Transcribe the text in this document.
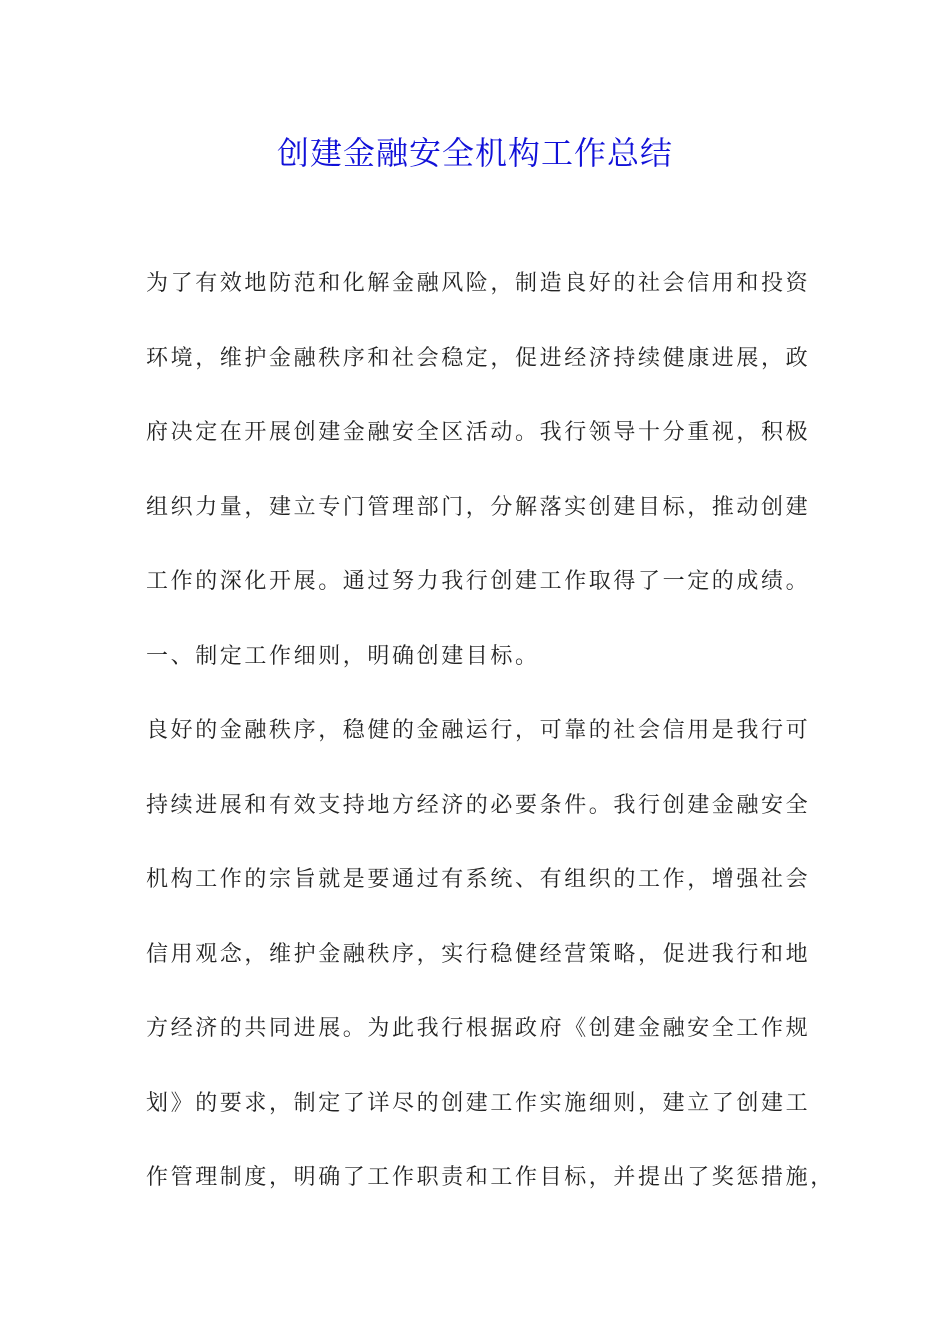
创建金融安全机构工作总结
为了有效地防范和化解金融风险，制造良好的社会信用和投资
环境，维护金融秩序和社会稳定，促进经济持续健康进展，政
府决定在开展创建金融安全区活动。我行领导十分重视，积极
组织力量，建立专门管理部门，分解落实创建目标，推动创建
工作的深化开展。通过努力我行创建工作取得了一定的成绩。
一、制定工作细则，明确创建目标。
良好的金融秩序，稳健的金融运行，可靠的社会信用是我行可
持续进展和有效支持地方经济的必要条件。我行创建金融安全
机构工作的宗旨就是要通过有系统、有组织的工作，增强社会
信用观念，维护金融秩序，实行稳健经营策略，促进我行和地
方经济的共同进展。为此我行根据政府《创建金融安全工作规
划》的要求，制定了详尽的创建工作实施细则，建立了创建工
作管理制度，明确了工作职责和工作目标，并提出了奖惩措施，
